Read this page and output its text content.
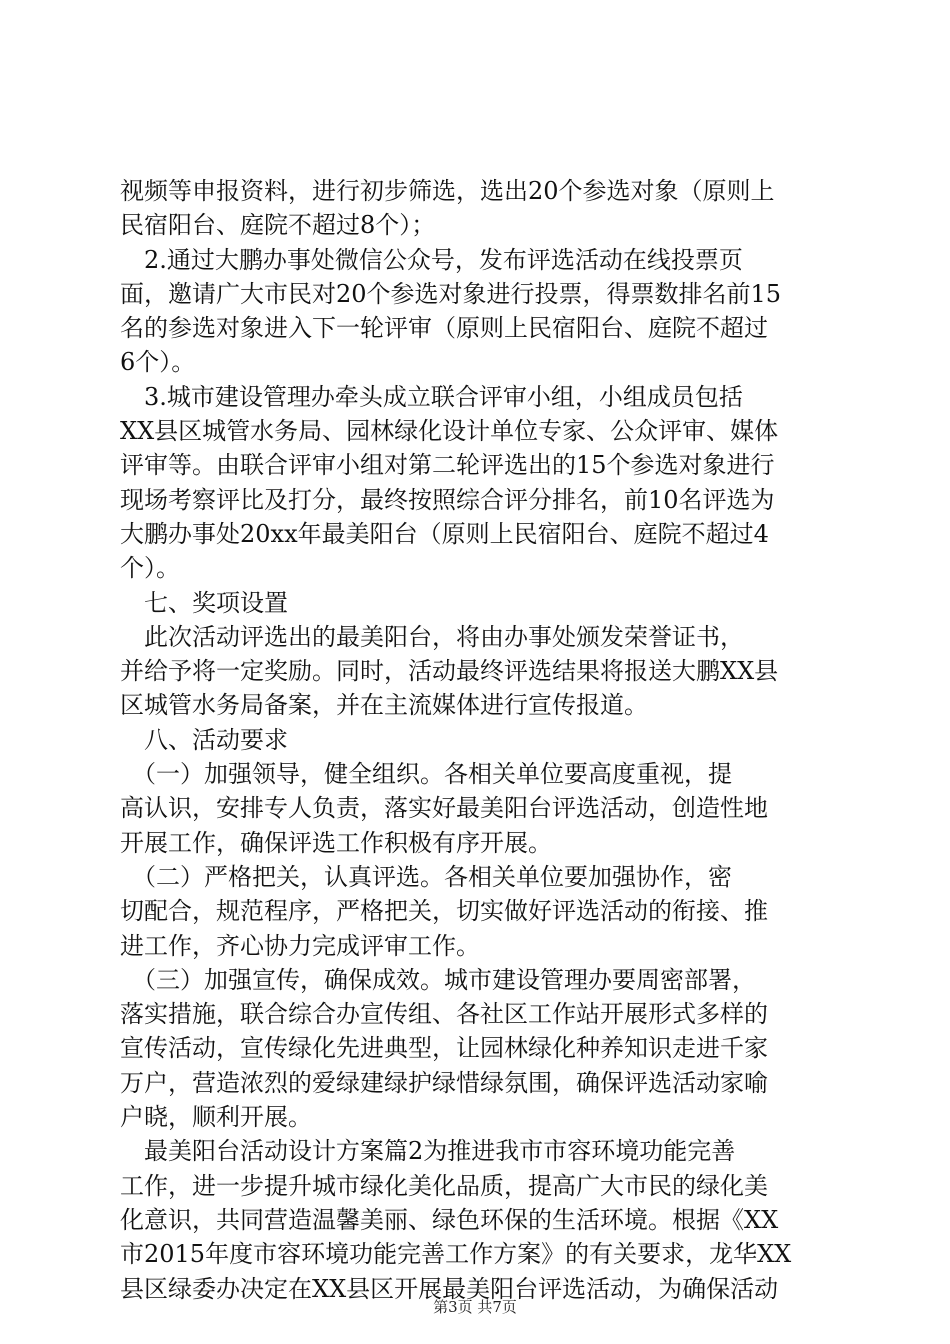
视频等申报资料，进行初步筛选，选出20个参选对象（原则上
民宿阳台、庭院不超过8个）；
　2.通过大鹏办事处微信公众号，发布评选活动在线投票页
面，邀请广大市民对20个参选对象进行投票，得票数排名前15
名的参选对象进入下一轮评审（原则上民宿阳台、庭院不超过
6个）。
　3.城市建设管理办牵头成立联合评审小组，小组成员包括
XX县区城管水务局、园林绿化设计单位专家、公众评审、媒体
评审等。由联合评审小组对第二轮评选出的15个参选对象进行
现场考察评比及打分，最终按照综合评分排名，前10名评选为
大鹏办事处20xx年最美阳台（原则上民宿阳台、庭院不超过4
个）。
　七、奖项设置
　此次活动评选出的最美阳台，将由办事处颁发荣誉证书，
并给予将一定奖励。同时，活动最终评选结果将报送大鹏XX县
区城管水务局备案，并在主流媒体进行宣传报道。
　八、活动要求
　（一）加强领导，健全组织。各相关单位要高度重视，提
高认识，安排专人负责，落实好最美阳台评选活动，创造性地
开展工作，确保评选工作积极有序开展。
　（二）严格把关，认真评选。各相关单位要加强协作，密
切配合，规范程序，严格把关，切实做好评选活动的衔接、推
进工作，齐心协力完成评审工作。
　（三）加强宣传，确保成效。城市建设管理办要周密部署，
落实措施，联合综合办宣传组、各社区工作站开展形式多样的
宣传活动，宣传绿化先进典型，让园林绿化种养知识走进千家
万户，营造浓烈的爱绿建绿护绿惜绿氛围，确保评选活动家喻
户晓，顺利开展。
　最美阳台活动设计方案篇2为推进我市市容环境功能完善
工作，进一步提升城市绿化美化品质，提高广大市民的绿化美
化意识，共同营造温馨美丽、绿色环保的生活环境。根据《XX
市2015年度市容环境功能完善工作方案》的有关要求，龙华XX
县区绿委办决定在XX县区开展最美阳台评选活动，为确保活动
第3页 共7页
